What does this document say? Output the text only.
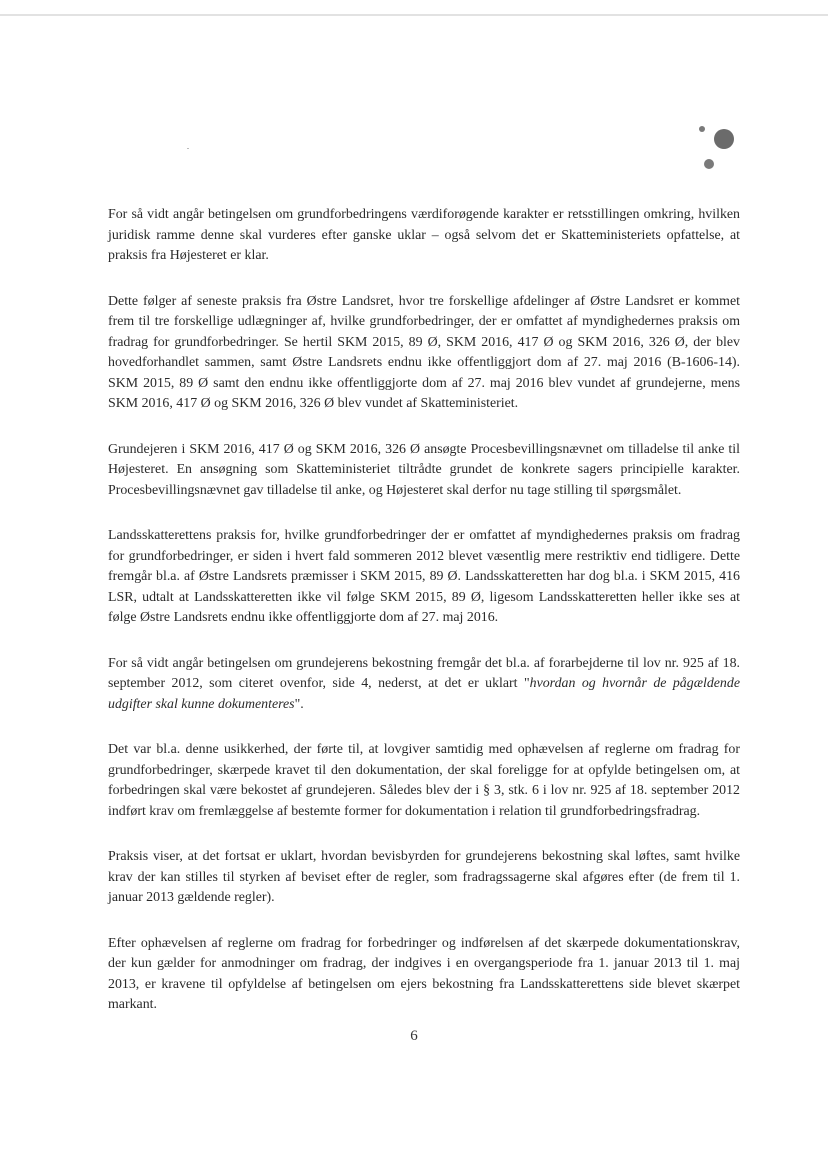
For så vidt angår betingelsen om grundforbedringens værdiforøgende karakter er retsstillingen omkring, hvilken juridisk ramme denne skal vurderes efter ganske uklar – også selvom det er Skatteministeriets opfattelse, at praksis fra Højesteret er klar.

Dette følger af seneste praksis fra Østre Landsret, hvor tre forskellige afdelinger af Østre Landsret er kommet frem til tre forskellige udlægninger af, hvilke grundforbedringer, der er omfattet af myndighedernes praksis om fradrag for grundforbedringer. Se hertil SKM 2015, 89 Ø, SKM 2016, 417 Ø og SKM 2016, 326 Ø, der blev hovedforhandlet sammen, samt Østre Landsrets endnu ikke offentliggjort dom af 27. maj 2016 (B-1606-14). SKM 2015, 89 Ø samt den endnu ikke offentliggjorte dom af 27. maj 2016 blev vundet af grundejerne, mens SKM 2016, 417 Ø og SKM 2016, 326 Ø blev vundet af Skatteministeriet.

Grundejeren i SKM 2016, 417 Ø og SKM 2016, 326 Ø ansøgte Procesbevillingsnævnet om tilladelse til anke til Højesteret. En ansøgning som Skatteministeriet tiltrådte grundet de konkrete sagers principielle karakter. Procesbevillingsnævnet gav tilladelse til anke, og Højesteret skal derfor nu tage stilling til spørgsmålet.

Landsskatterettens praksis for, hvilke grundforbedringer der er omfattet af myndighedernes praksis om fradrag for grundforbedringer, er siden i hvert fald sommeren 2012 blevet væsentlig mere restriktiv end tidligere. Dette fremgår bl.a. af Østre Landsrets præmisser i SKM 2015, 89 Ø. Landsskatteretten har dog bl.a. i SKM 2015, 416 LSR, udtalt at Landsskatteretten ikke vil følge SKM 2015, 89 Ø, ligesom Landsskatteretten heller ikke ses at følge Østre Landsrets endnu ikke offentliggjorte dom af 27. maj 2016.

For så vidt angår betingelsen om grundejerens bekostning fremgår det bl.a. af forarbejderne til lov nr. 925 af 18. september 2012, som citeret ovenfor, side 4, nederst, at det er uklart "hvordan og hvornår de pågældende udgifter skal kunne dokumenteres".

Det var bl.a. denne usikkerhed, der førte til, at lovgiver samtidig med ophævelsen af reglerne om fradrag for grundforbedringer, skærpede kravet til den dokumentation, der skal foreligge for at opfylde betingelsen om, at forbedringen skal være bekostet af grundejeren. Således blev der i § 3, stk. 6 i lov nr. 925 af 18. september 2012 indført krav om fremlæggelse af bestemte former for dokumentation i relation til grundforbedringsfradrag.

Praksis viser, at det fortsat er uklart, hvordan bevisbyrden for grundejerens bekostning skal løftes, samt hvilke krav der kan stilles til styrken af beviset efter de regler, som fradragssagerne skal afgøres efter (de frem til 1. januar 2013 gældende regler).

Efter ophævelsen af reglerne om fradrag for forbedringer og indførelsen af det skærpede dokumentationskrav, der kun gælder for anmodninger om fradrag, der indgives i en overgangsperiode fra 1. januar 2013 til 1. maj 2013, er kravene til opfyldelse af betingelsen om ejers bekostning fra Landsskatterettens side blevet skærpet markant.

6
